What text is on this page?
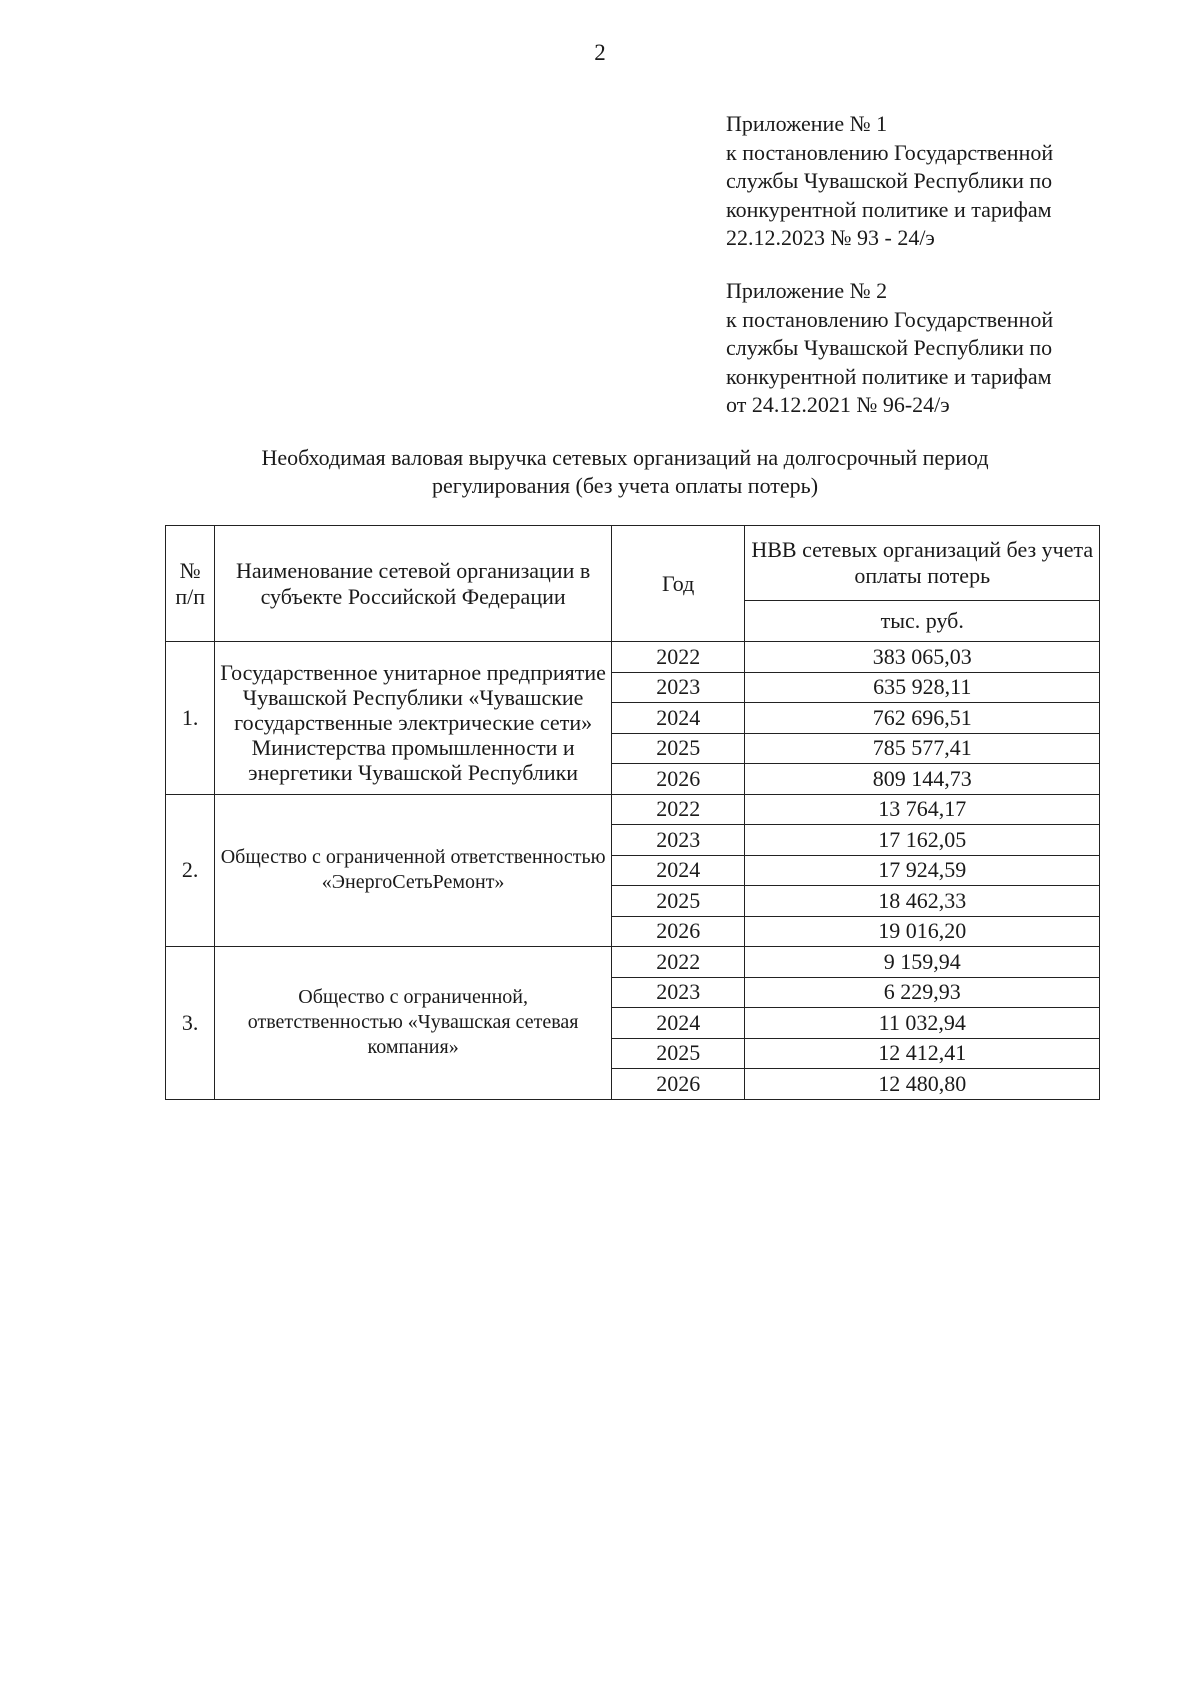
2
Приложение № 1
к постановлению Государственной
службы Чувашской Республики по
конкурентной политике и тарифам
22.12.2023 № 93 - 24/э
Приложение № 2
к постановлению Государственной
службы Чувашской Республики по
конкурентной политике и тарифам
от 24.12.2021 № 96-24/э
Необходимая валовая выручка сетевых организаций на долгосрочный период
регулирования (без учета оплаты потерь)
№ п/п	Наименование сетевой организации в субъекте Российской Федерации	Год	НВВ сетевых организаций без учета оплаты потерь
			тыс. руб.
1.	Государственное унитарное предприятие Чувашской Республики «Чувашские государственные электрические сети» Министерства промышленности и энергетики Чувашской Республики	2022	383 065,03
		2023	635 928,11
		2024	762 696,51
		2025	785 577,41
		2026	809 144,73
2.	Общество с ограниченной ответственностью «ЭнергоСетьРемонт»	2022	13 764,17
		2023	17 162,05
		2024	17 924,59
		2025	18 462,33
		2026	19 016,20
3.	Общество с ограниченной, ответственностью «Чувашская сетевая компания»	2022	9 159,94
		2023	6 229,93
		2024	11 032,94
		2025	12 412,41
		2026	12 480,80
